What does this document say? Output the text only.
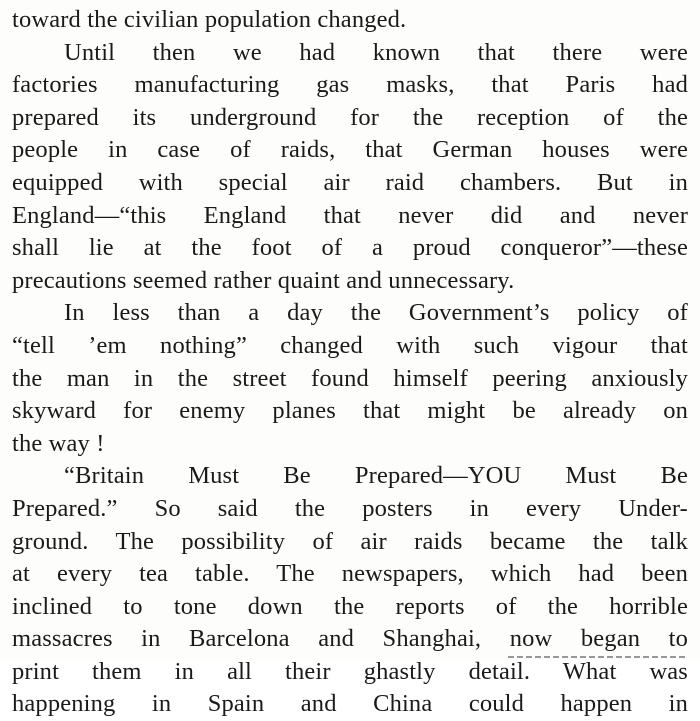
toward the civilian population changed.
Until then we had known that there were
factories manufacturing gas masks, that Paris had
prepared its underground for the reception of the
people in case of raids, that German houses were
equipped with special air raid chambers. But in
England—“this England that never did and never
shall lie at the foot of a proud conqueror”—these
precautions seemed rather quaint and unnecessary.
In less than a day the Government’s policy of
“tell ’em nothing” changed with such vigour that
the man in the street found himself peering anxiously
skyward for enemy planes that might be already on
the way !
“Britain Must Be Prepared—YOU Must Be
Prepared.” So said the posters in every Under-
ground. The possibility of air raids became the talk
at every tea table. The newspapers, which had been
inclined to tone down the reports of the horrible
massacres in Barcelona and Shanghai, now began to
print them in all their ghastly detail. What was
happening in Spain and China could happen in
